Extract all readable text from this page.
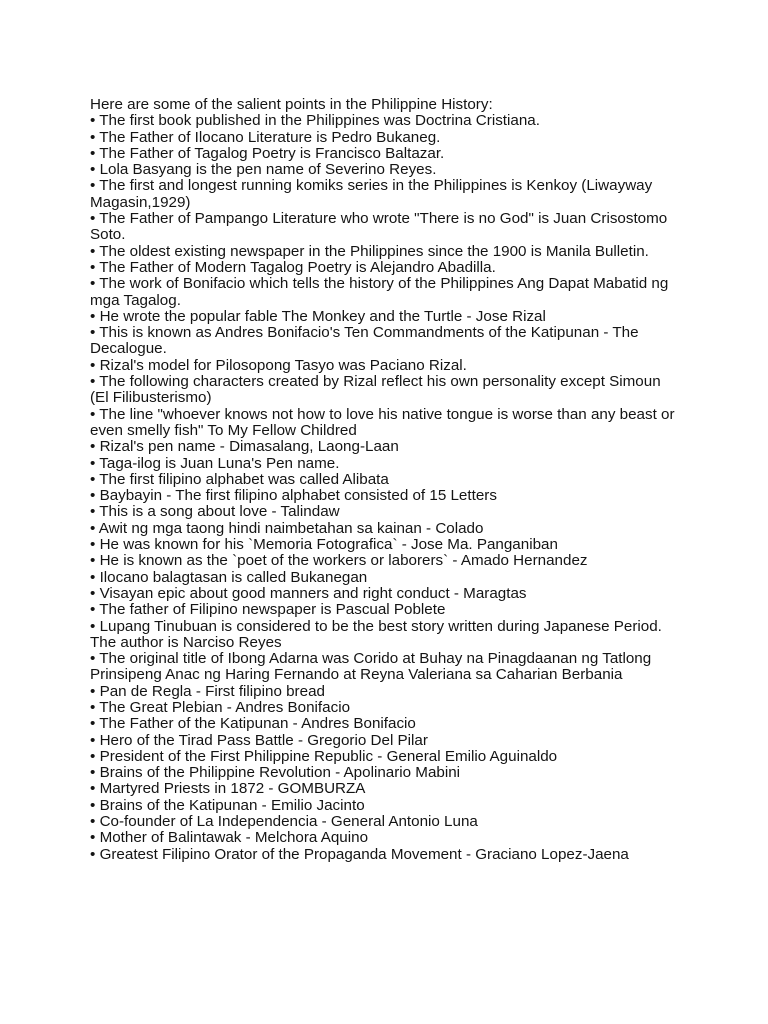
Here are some of the salient points in the Philippine History:

• The first book published in the Philippines was Doctrina Cristiana.
• The Father of Ilocano Literature is Pedro Bukaneg.
• The Father of Tagalog Poetry is Francisco Baltazar.
• Lola Basyang is the pen name of Severino Reyes.
• The first and longest running komiks series in the Philippines is Kenkoy (Liwayway Magasin,1929)
• The Father of Pampango Literature who wrote "There is no God" is Juan Crisostomo Soto.
• The oldest existing newspaper in the Philippines since the 1900 is Manila Bulletin.
• The Father of Modern Tagalog Poetry is Alejandro Abadilla.
• The work of Bonifacio which tells the history of the Philippines Ang Dapat Mabatid ng mga Tagalog.
• He wrote the popular fable The Monkey and the Turtle - Jose Rizal
• This is known as Andres Bonifacio's Ten Commandments of the Katipunan - The Decalogue.
• Rizal's model for Pilosopong Tasyo was Paciano Rizal.
• The following characters created by Rizal reflect his own personality except Simoun (El Filibusterismo)
• The line "whoever knows not how to love his native tongue is worse than any beast or even smelly fish" To My Fellow Childred
• Rizal's pen name - Dimasalang, Laong-Laan
• Taga-ilog is Juan Luna's Pen name.
• The first filipino alphabet was called Alibata
• Baybayin - The first filipino alphabet consisted of 15 Letters
• This is a song about love - Talindaw
• Awit ng mga taong hindi naimbetahan sa kainan - Colado
• He was known for his `Memoria Fotografica` - Jose Ma. Panganiban
• He is known as the `poet of the workers or laborers` - Amado Hernandez
• Ilocano balagtasan is called Bukanegan
• Visayan epic about good manners and right conduct - Maragtas
• The father of Filipino newspaper is Pascual Poblete
• Lupang Tinubuan is considered to be the best story written during Japanese Period. The author is Narciso Reyes
• The original title of Ibong Adarna was Corido at Buhay na Pinagdaanan ng Tatlong Prinsipeng Anac ng Haring Fernando at Reyna Valeriana sa Caharian Berbania
• Pan de Regla - First filipino bread
• The Great Plebian - Andres Bonifacio
• The Father of the Katipunan - Andres Bonifacio
• Hero of the Tirad Pass Battle - Gregorio Del Pilar
• President of the First Philippine Republic - General Emilio Aguinaldo
• Brains of the Philippine Revolution - Apolinario Mabini
• Martyred Priests in 1872 - GOMBURZA
• Brains of the Katipunan - Emilio Jacinto
• Co-founder of La Independencia - General Antonio Luna
• Mother of Balintawak - Melchora Aquino
• Greatest Filipino Orator of the Propaganda Movement - Graciano Lopez-Jaena
